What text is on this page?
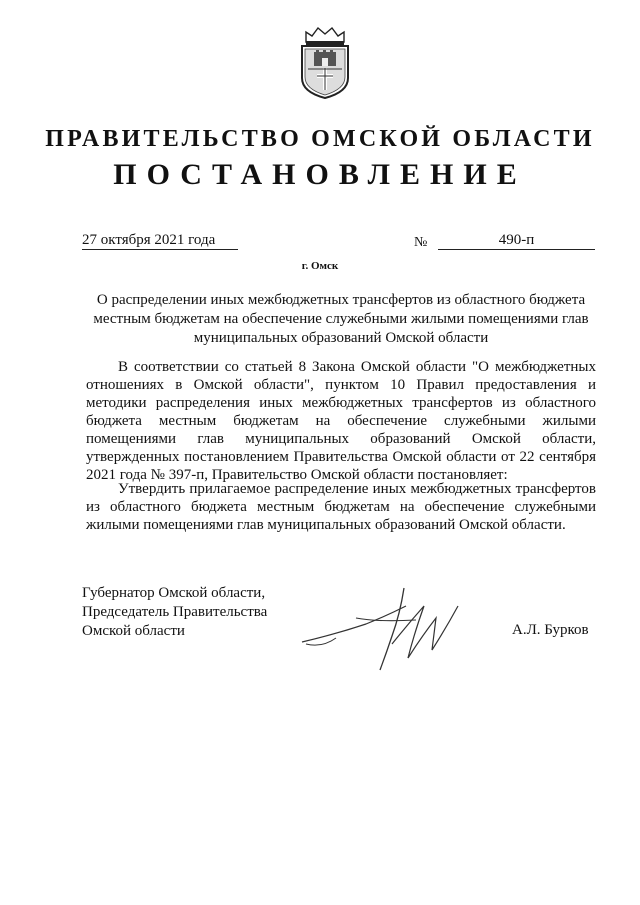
ПРАВИТЕЛЬСТВО ОМСКОЙ ОБЛАСТИ
ПОСТАНОВЛЕНИЕ
27 октября 2021 года	№	490-п
г. Омск
О распределении иных межбюджетных трансфертов из областного бюджета местным бюджетам на обеспечение служебными жилыми помещениями глав муниципальных образований Омской области
В соответствии со статьей 8 Закона Омской области "О межбюджетных отношениях в Омской области", пунктом 10 Правил предоставления и методики распределения иных межбюджетных трансфертов из областного бюджета местным бюджетам на обеспечение служебными жилыми помещениями глав муниципальных образований Омской области, утвержденных постановлением Правительства Омской области от 22 сентября 2021 года № 397-п, Правительство Омской области постановляет:
Утвердить прилагаемое распределение иных межбюджетных трансфертов из областного бюджета местным бюджетам на обеспечение служебными жилыми помещениями глав муниципальных образований Омской области.
Губернатор Омской области,
Председатель Правительства
Омской области	А.Л. Бурков
